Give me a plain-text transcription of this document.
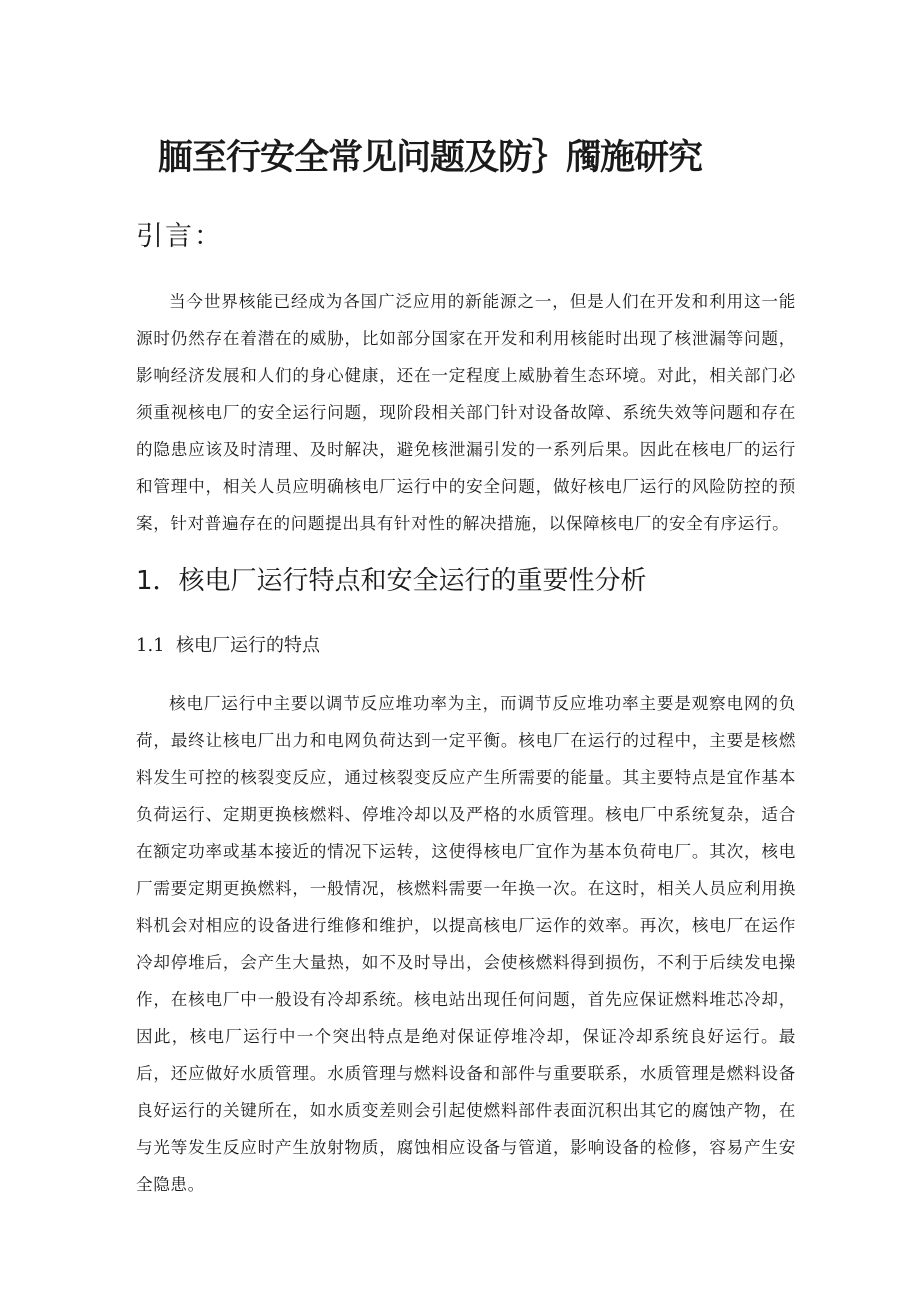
腼至行安全常见问题及防｝斶施研究
引言：

当今世界核能已经成为各国广泛应用的新能源之一，但是人们在开发和利用这一能源时仍然存在着潜在的威胁，比如部分国家在开发和利用核能时出现了核泄漏等问题，影响经济发展和人们的身心健康，还在一定程度上威胁着生态环境。对此，相关部门必须重视核电厂的安全运行问题，现阶段相关部门针对设备故障、系统失效等问题和存在的隐患应该及时清理、及时解决，避免核泄漏引发的一系列后果。因此在核电厂的运行和管理中，相关人员应明确核电厂运行中的安全问题，做好核电厂运行的风险防控的预案，针对普遍存在的问题提出具有针对性的解决措施，以保障核电厂的安全有序运行。

1．核电厂运行特点和安全运行的重要性分析
1.1 核电厂运行的特点

核电厂运行中主要以调节反应堆功率为主，而调节反应堆功率主要是观察电网的负荷，最终让核电厂出力和电网负荷达到一定平衡。核电厂在运行的过程中，主要是核燃料发生可控的核裂变反应，通过核裂变反应产生所需要的能量。其主要特点是宜作基本负荷运行、定期更换核燃料、停堆冷却以及严格的水质管理。核电厂中系统复杂，适合在额定功率或基本接近的情况下运转，这使得核电厂宜作为基本负荷电厂。其次，核电厂需要定期更换燃料，一般情况，核燃料需要一年换一次。在这时，相关人员应利用换料机会对相应的设备进行维修和维护，以提高核电厂运作的效率。再次，核电厂在运作冷却停堆后，会产生大量热，如不及时导出，会使核燃料得到损伤，不利于后续发电操作，在核电厂中一般设有冷却系统。核电站出现任何问题，首先应保证燃料堆芯冷却，因此，核电厂运行中一个突出特点是绝对保证停堆冷却，保证冷却系统良好运行。最后，还应做好水质管理。水质管理与燃料设备和部件与重要联系，水质管理是燃料设备良好运行的关键所在，如水质变差则会引起使燃料部件表面沉积出其它的腐蚀产物，在与光等发生反应时产生放射物质，腐蚀相应设备与管道，影响设备的检修，容易产生安全隐患。
